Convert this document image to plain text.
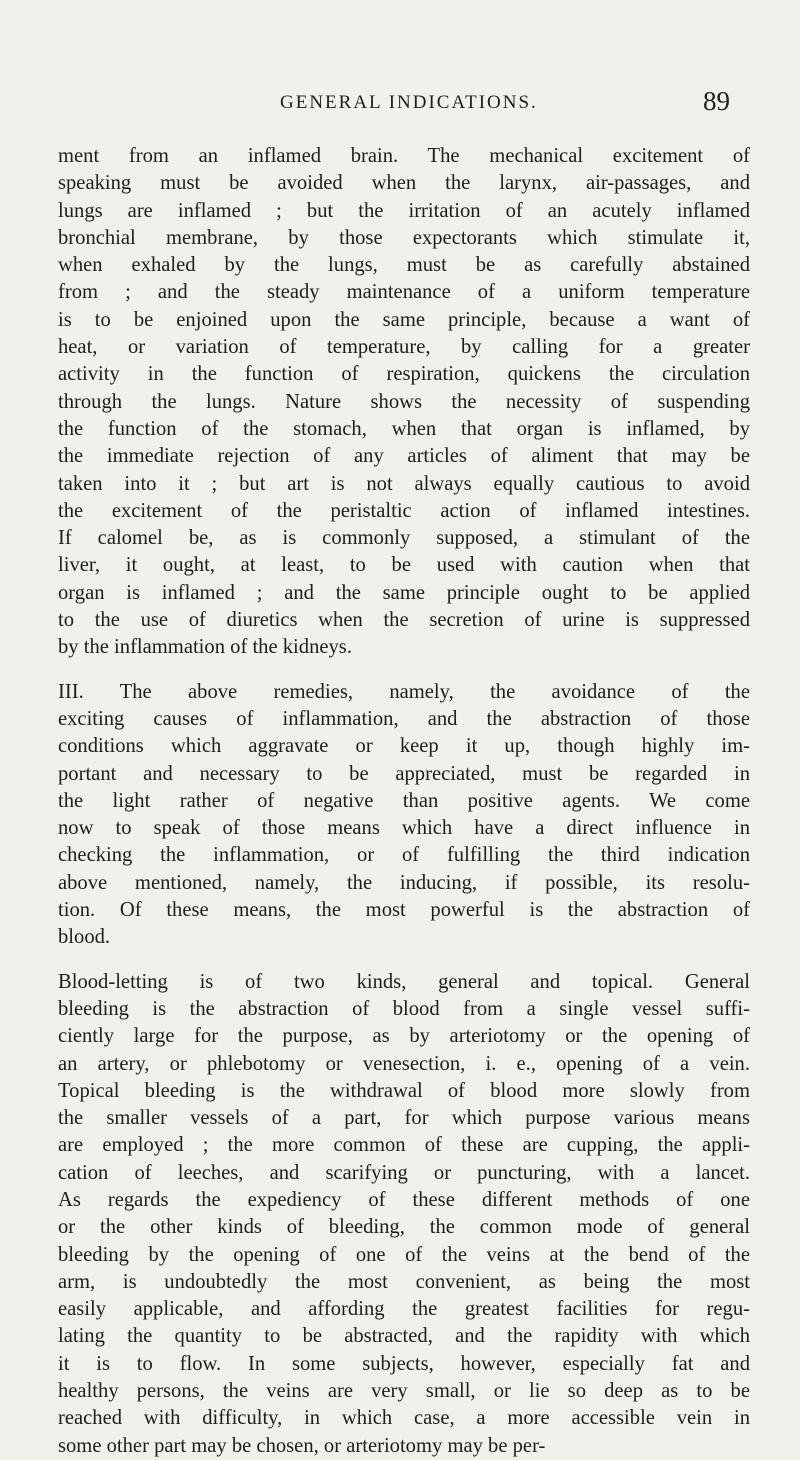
GENERAL INDICATIONS.	89
ment from an inflamed brain. The mechanical excitement of
speaking must be avoided when the larynx, air-passages, and
lungs are inflamed ; but the irritation of an acutely inflamed
bronchial membrane, by those expectorants which stimulate it,
when exhaled by the lungs, must be as carefully abstained
from ; and the steady maintenance of a uniform temperature
is to be enjoined upon the same principle, because a want of
heat, or variation of temperature, by calling for a greater
activity in the function of respiration, quickens the circulation
through the lungs. Nature shows the necessity of suspending
the function of the stomach, when that organ is inflamed, by
the immediate rejection of any articles of aliment that may be
taken into it ; but art is not always equally cautious to avoid
the excitement of the peristaltic action of inflamed intestines.
If calomel be, as is commonly supposed, a stimulant of the
liver, it ought, at least, to be used with caution when that
organ is inflamed ; and the same principle ought to be applied
to the use of diuretics when the secretion of urine is suppressed
by the inflammation of the kidneys.
III. The above remedies, namely, the avoidance of the
exciting causes of inflammation, and the abstraction of those
conditions which aggravate or keep it up, though highly im-
portant and necessary to be appreciated, must be regarded in
the light rather of negative than positive agents. We come
now to speak of those means which have a direct influence in
checking the inflammation, or of fulfilling the third indication
above mentioned, namely, the inducing, if possible, its resolu-
tion. Of these means, the most powerful is the abstraction of
blood.
Blood-letting is of two kinds, general and topical. General
bleeding is the abstraction of blood from a single vessel suffi-
ciently large for the purpose, as by arteriotomy or the opening of
an artery, or phlebotomy or venesection, i. e., opening of a vein.
Topical bleeding is the withdrawal of blood more slowly from
the smaller vessels of a part, for which purpose various means
are employed ; the more common of these are cupping, the appli-
cation of leeches, and scarifying or puncturing, with a lancet.
As regards the expediency of these different methods of one
or the other kinds of bleeding, the common mode of general
bleeding by the opening of one of the veins at the bend of the
arm, is undoubtedly the most convenient, as being the most
easily applicable, and affording the greatest facilities for regu-
lating the quantity to be abstracted, and the rapidity with which
it is to flow. In some subjects, however, especially fat and
healthy persons, the veins are very small, or lie so deep as to be
reached with difficulty, in which case, a more accessible vein in
some other part may be chosen, or arteriotomy may be per-
